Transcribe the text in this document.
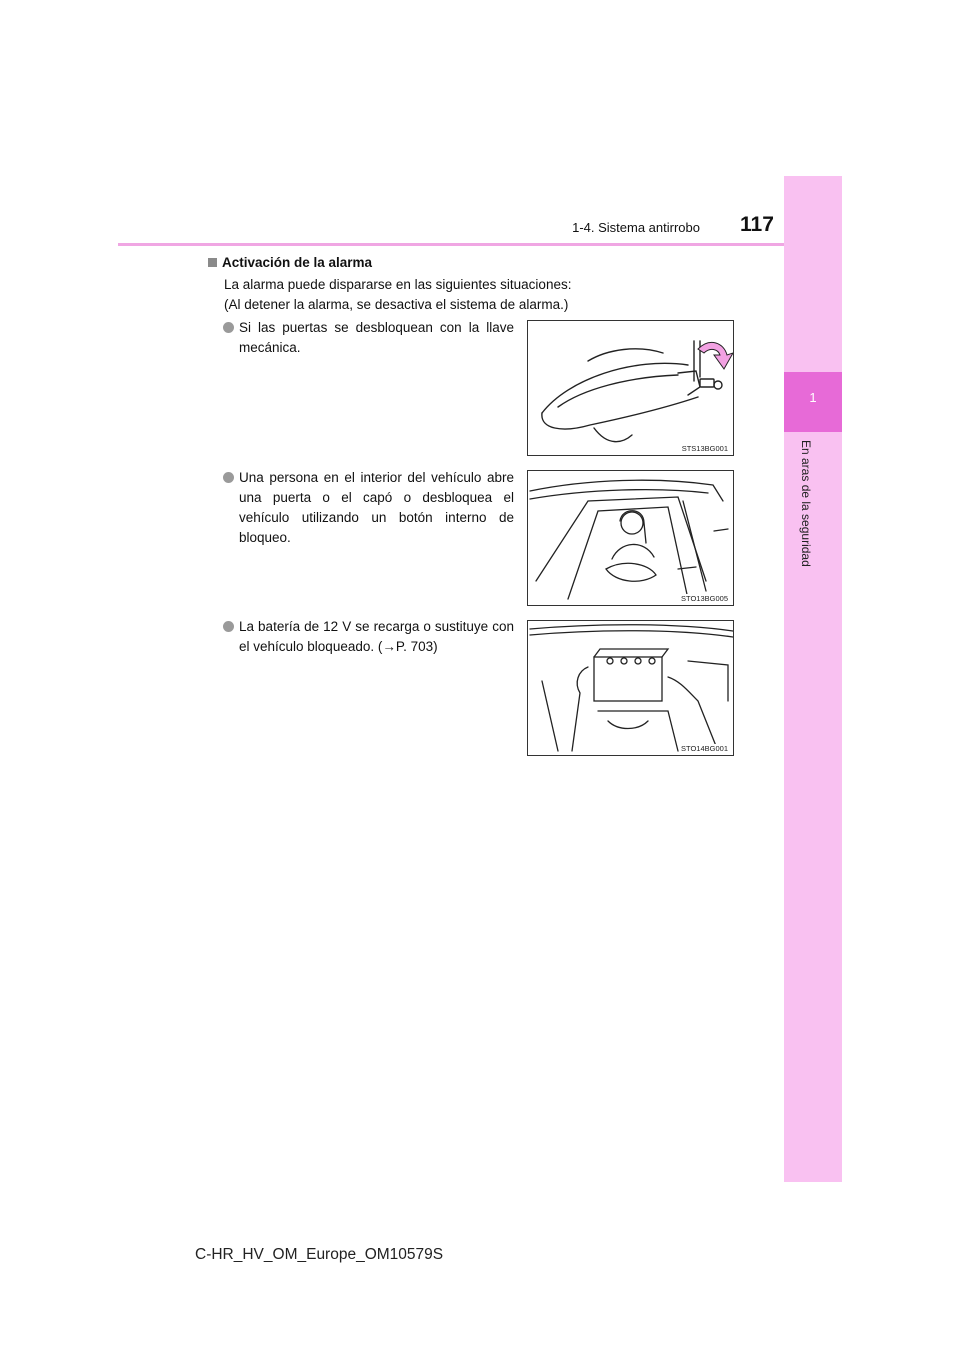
1
En aras de la seguridad
1-4. Sistema antirrobo 117
Activación de la alarma
La alarma puede dispararse en las siguientes situaciones:
(Al detener la alarma, se desactiva el sistema de alarma.)
Si las puertas se desbloquean con la llave mecánica.
STS13BG001
Una persona en el interior del vehículo abre una puerta o el capó o desbloquea el vehículo utilizando un botón interno de bloqueo.
STO13BG005
La batería de 12 V se recarga o sustituye con el vehículo bloqueado. (→P. 703)
STO14BG001
C-HR_HV_OM_Europe_OM10579S
